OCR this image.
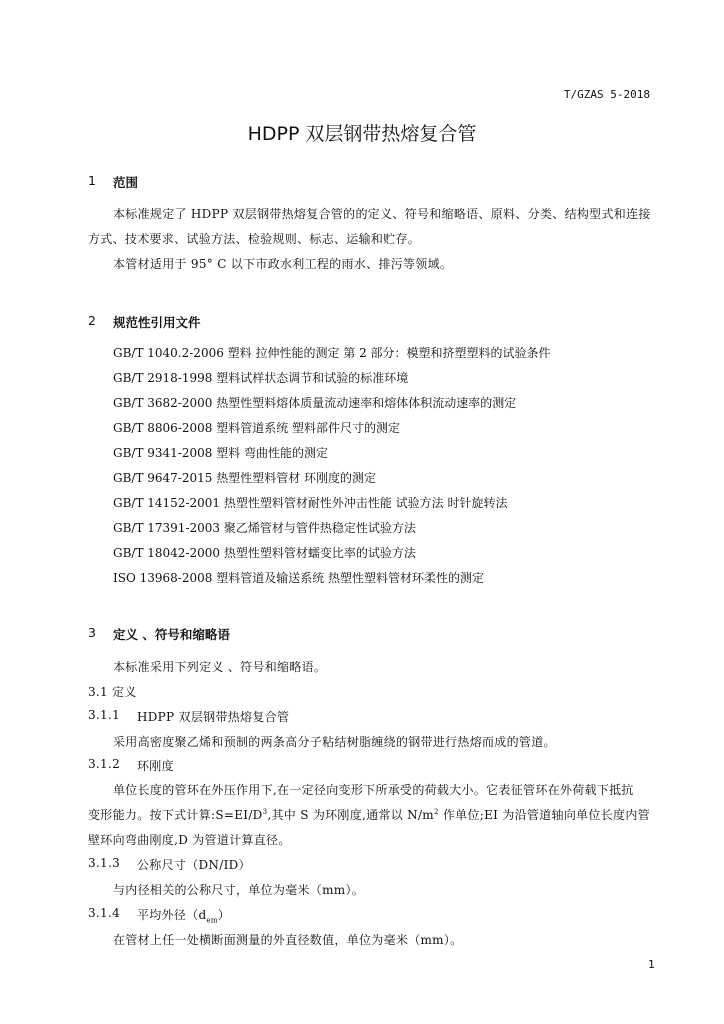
T/GZAS 5-2018
HDPP 双层钢带热熔复合管
1 范围
本标准规定了 HDPP 双层钢带热熔复合管的的定义、符号和缩略语、原料、分类、结构型式和连接
方式、技术要求、试验方法、检验规则、标志、运输和贮存。
本管材适用于 95° C 以下市政水利工程的雨水、排污等领域。
2 规范性引用文件
GB/T 1040.2-2006 塑料 拉伸性能的测定 第 2 部分：模塑和挤塑塑料的试验条件
GB/T 2918-1998 塑料试样状态调节和试验的标准环境
GB/T 3682-2000 热塑性塑料熔体质量流动速率和熔体体积流动速率的测定
GB/T 8806-2008 塑料管道系统 塑料部件尺寸的测定
GB/T 9341-2008 塑料 弯曲性能的测定
GB/T 9647-2015 热塑性塑料管材 环刚度的测定
GB/T 14152-2001 热塑性塑料管材耐性外冲击性能 试验方法 时针旋转法
GB/T 17391-2003 聚乙烯管材与管件热稳定性试验方法
GB/T 18042-2000 热塑性塑料管材蠕变比率的试验方法
ISO 13968-2008 塑料管道及输送系统 热塑性塑料管材环柔性的测定
3 定义 、符号和缩略语
本标准采用下列定义 、符号和缩略语。
3.1 定义
3.1.1 HDPP 双层钢带热熔复合管
采用高密度聚乙烯和预制的两条高分子粘结树脂缠绕的钢带进行热熔而成的管道。
3.1.2 环刚度
单位长度的管环在外压作用下,在一定径向变形下所承受的荷载大小。它表征管环在外荷载下抵抗
变形能力。按下式计算$:S=EI/D^3$,其中 S 为环刚度,通常以 $N/m^2$ 作单位;EI 为沿管道轴向单位长度内管
壁环向弯曲刚度,D 为管道计算直径。
3.1.3 公称尺寸（DN/ID）
与内径相关的公称尺寸，单位为毫米（mm）。
3.1.4 平均外径$(d_{em})$
在管材上任一处横断面测量的外直径数值，单位为毫米（mm）。
1
